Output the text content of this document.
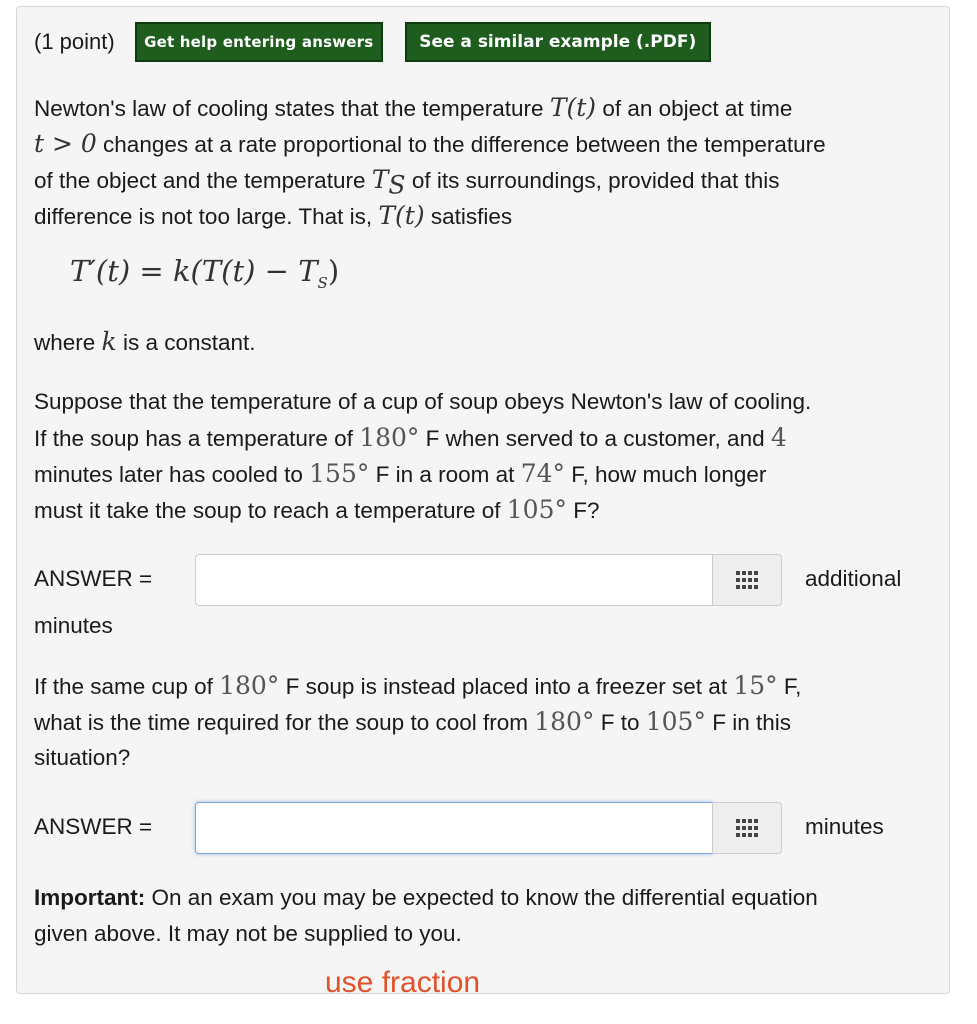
(1 point)	Get help entering answers	See a similar example (.PDF)
Newton's law of cooling states that the temperature T(t) of an object at time
t > 0 changes at a rate proportional to the difference between the temperature
of the object and the temperature $T_S$ of its surroundings, provided that this
difference is not too large. That is, T(t) satisfies
$T'(t) = k(T(t) - T_S)$
where k is a constant.
Suppose that the temperature of a cup of soup obeys Newton's law of cooling.
If the soup has a temperature of 180° F when served to a customer, and 4
minutes later has cooled to 155° F in a room at 74° F, how much longer
must it take the soup to reach a temperature of 105° F?
ANSWER =	additional
minutes
If the same cup of 180° F soup is instead placed into a freezer set at 15° F,
what is the time required for the soup to cool from 180° F to 105° F in this
situation?
ANSWER =	minutes
Important: On an exam you may be expected to know the differential equation
given above. It may not be supplied to you.
use fraction
